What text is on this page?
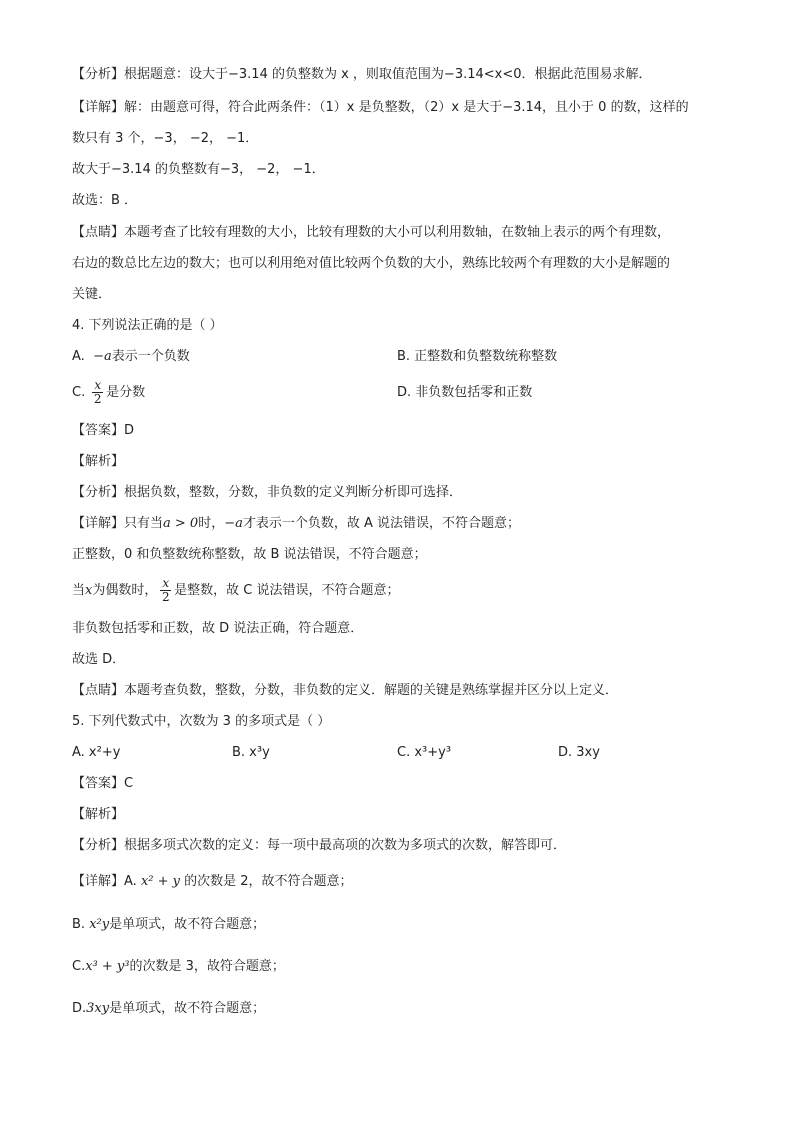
【分析】根据题意：设大于−3.14 的负整数为 x ，则取值范围为−3.14<x<0．根据此范围易求解．
【详解】解：由题意可得，符合此两条件：（1）x 是负整数，（2）x 是大于−3.14，且小于 0 的数，这样的
数只有 3 个，−3， −2， −1．
故大于−3.14 的负整数有−3， −2， −1．
故选：B ．
【点睛】本题考查了比较有理数的大小，比较有理数的大小可以利用数轴，在数轴上表示的两个有理数，
右边的数总比左边的数大；也可以利用绝对值比较两个负数的大小，熟练比较两个有理数的大小是解题的
关键．
4. 下列说法正确的是（ ）
A. −a表示一个负数	B. 正整数和负整数统称整数
C. $\frac{x}{2}$ 是分数	D. 非负数包括零和正数
【答案】D
【解析】
【分析】根据负数，整数，分数，非负数的定义判断分析即可选择．
【详解】只有当a > 0时，−a才表示一个负数，故 A 说法错误，不符合题意；
正整数，0 和负整数统称整数，故 B 说法错误，不符合题意；
当x为偶数时， $\frac{x}{2}$ 是整数，故 C 说法错误，不符合题意；
非负数包括零和正数，故 D 说法正确，符合题意．
故选 D．
【点睛】本题考查负数，整数，分数，非负数的定义．解题的关键是熟练掌握并区分以上定义．
5. 下列代数式中，次数为 3 的多项式是（ ）
A. x²+y	B. x³y	C. x³+y³	D. 3xy
【答案】C
【解析】
【分析】根据多项式次数的定义：每一项中最高项的次数为多项式的次数，解答即可．
【详解】A. x² + y 的次数是 2，故不符合题意；
B. x²y是单项式，故不符合题意；
C.x³ + y³的次数是 3，故符合题意；
D.3xy是单项式，故不符合题意；
